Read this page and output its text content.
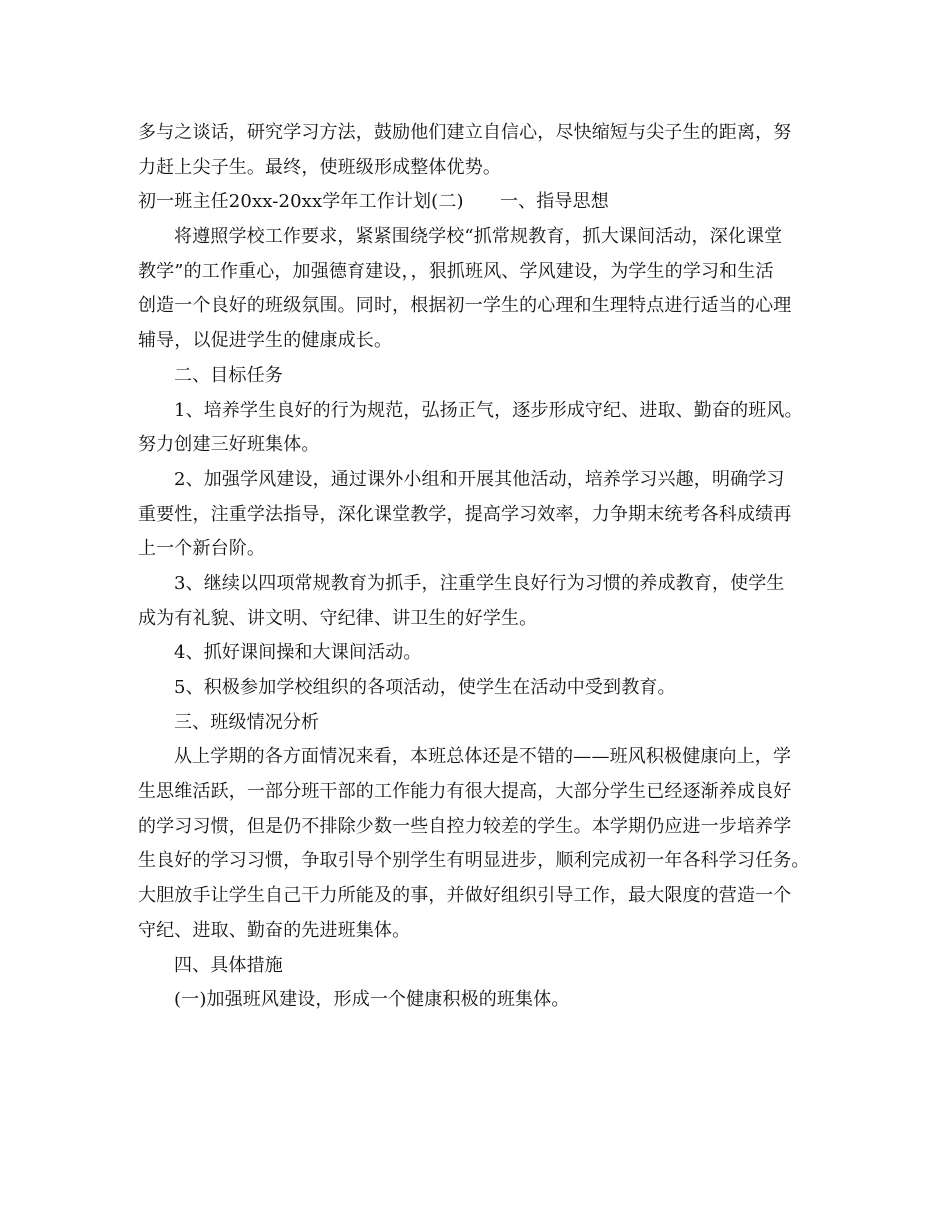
多与之谈话，研究学习方法，鼓励他们建立自信心，尽快缩短与尖子生的距离，努
力赶上尖子生。最终，使班级形成整体优势。
初一班主任20xx-20xx学年工作计划(二)　　一、指导思想
将遵照学校工作要求，紧紧围绕学校“抓常规教育，抓大课间活动，深化课堂
教学”的工作重心，加强德育建设，，狠抓班风、学风建设，为学生的学习和生活
创造一个良好的班级氛围。同时，根据初一学生的心理和生理特点进行适当的心理
辅导，以促进学生的健康成长。
二、目标任务
1、培养学生良好的行为规范，弘扬正气，逐步形成守纪、进取、勤奋的班风。
努力创建三好班集体。
2、加强学风建设，通过课外小组和开展其他活动，培养学习兴趣，明确学习
重要性，注重学法指导，深化课堂教学，提高学习效率，力争期末统考各科成绩再
上一个新台阶。
3、继续以四项常规教育为抓手，注重学生良好行为习惯的养成教育，使学生
成为有礼貌、讲文明、守纪律、讲卫生的好学生。
4、抓好课间操和大课间活动。
5、积极参加学校组织的各项活动，使学生在活动中受到教育。
三、班级情况分析
从上学期的各方面情况来看，本班总体还是不错的——班风积极健康向上，学
生思维活跃，一部分班干部的工作能力有很大提高，大部分学生已经逐渐养成良好
的学习习惯，但是仍不排除少数一些自控力较差的学生。本学期仍应进一步培养学
生良好的学习习惯，争取引导个别学生有明显进步，顺利完成初一年各科学习任务。
大胆放手让学生自己干力所能及的事，并做好组织引导工作，最大限度的营造一个
守纪、进取、勤奋的先进班集体。
四、具体措施
(一)加强班风建设，形成一个健康积极的班集体。
